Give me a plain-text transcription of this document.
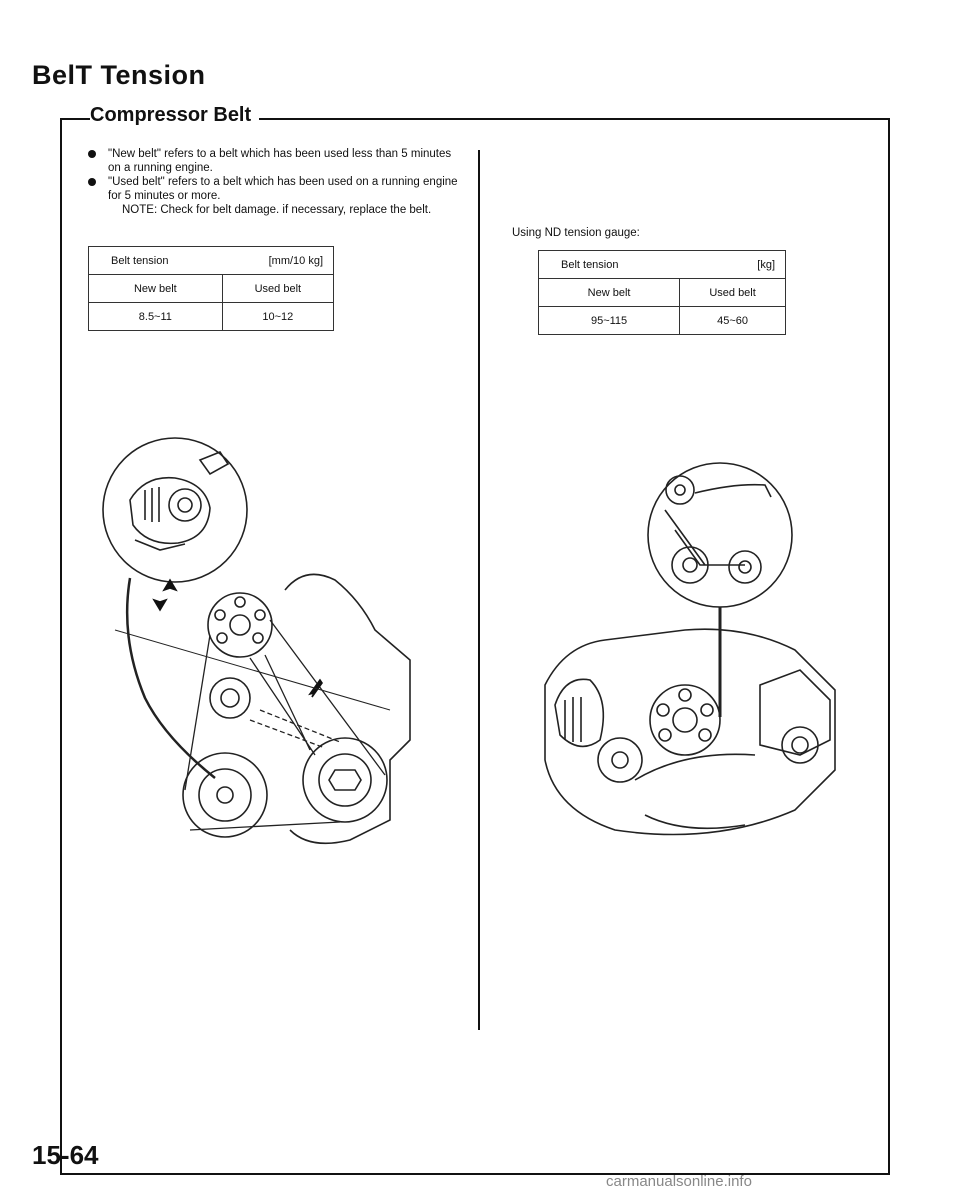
BelT Tension
Compressor Belt
"New belt" refers to a belt which has been used less than 5 minutes on a running engine.
"Used belt" refers to a belt which has been used on a running engine for 5 minutes or more.
NOTE: Check for belt damage. if necessary, replace the belt.
Belt tension	[mm/10 kg]
New belt	Used belt
8.5~11	10~12
Using ND tension gauge:
Belt tension	[kg]
New belt	Used belt
95~115	45~60
15-64
carmanualsonline.info
